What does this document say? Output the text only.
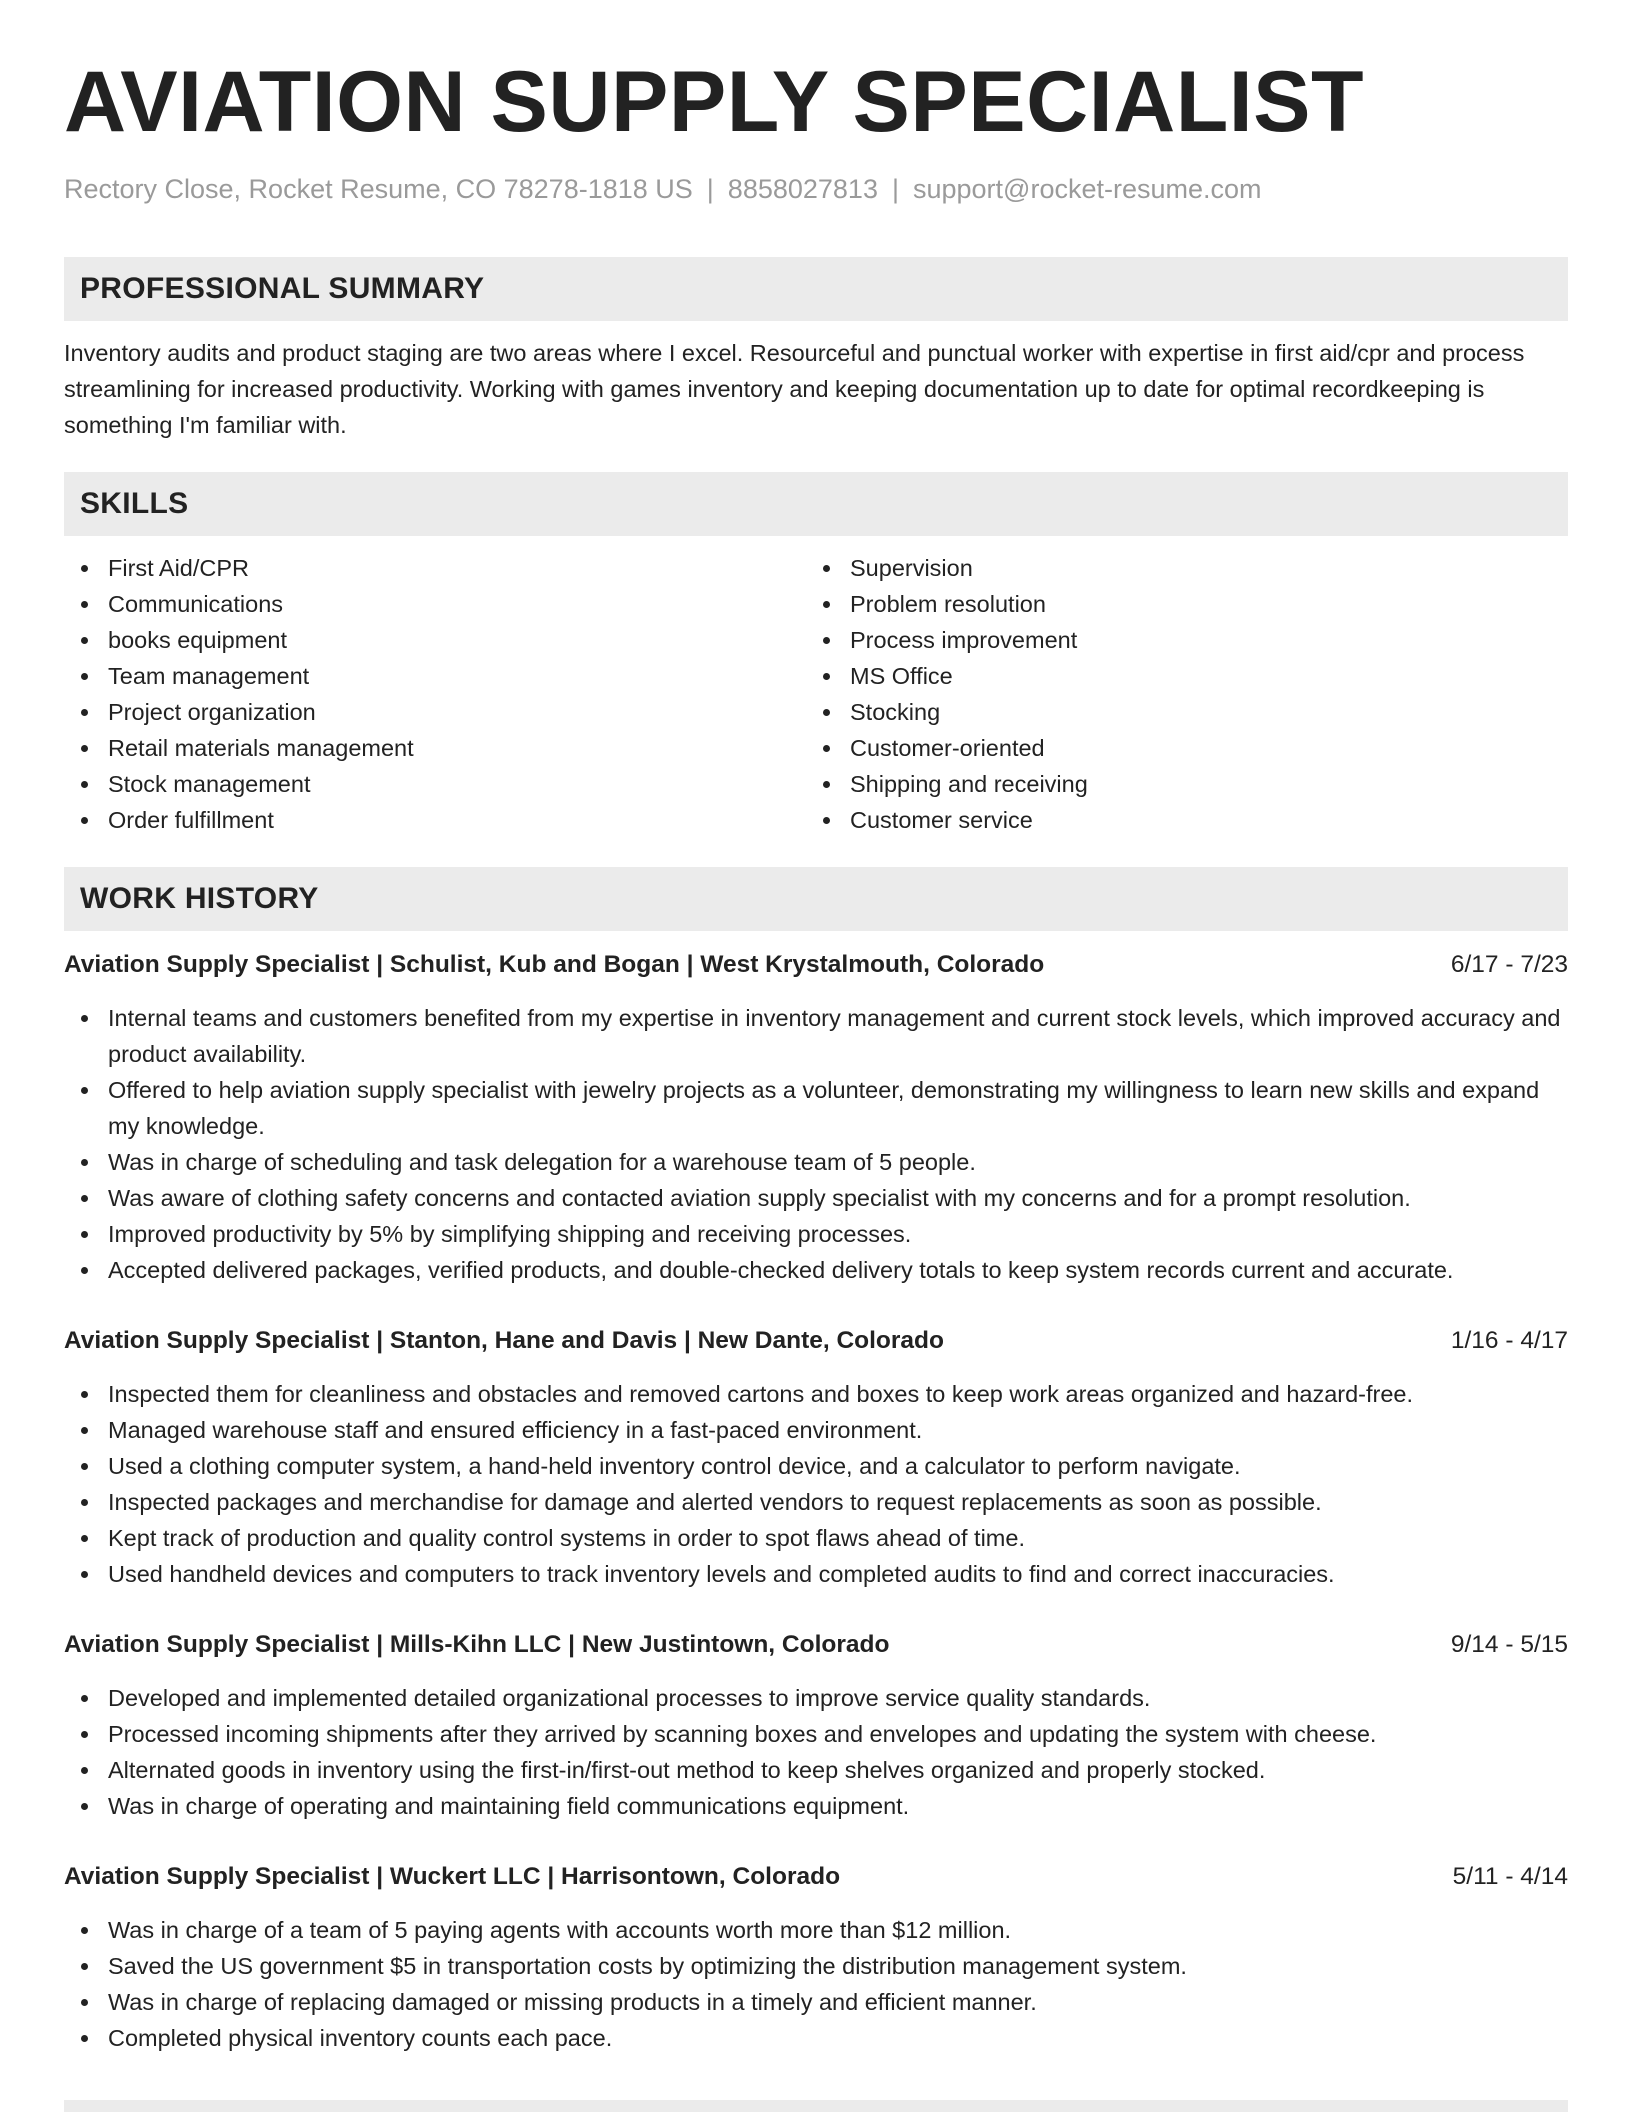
AVIATION SUPPLY SPECIALIST
Rectory Close, Rocket Resume, CO 78278-1818 US | 8858027813 | support@rocket-resume.com
PROFESSIONAL SUMMARY
Inventory audits and product staging are two areas where I excel. Resourceful and punctual worker with expertise in first aid/cpr and process streamlining for increased productivity. Working with games inventory and keeping documentation up to date for optimal recordkeeping is something I'm familiar with.
SKILLS
First Aid/CPR
Communications
books equipment
Team management
Project organization
Retail materials management
Stock management
Order fulfillment
Supervision
Problem resolution
Process improvement
MS Office
Stocking
Customer-oriented
Shipping and receiving
Customer service
WORK HISTORY
Aviation Supply Specialist | Schulist, Kub and Bogan | West Krystalmouth, Colorado	6/17 - 7/23
Internal teams and customers benefited from my expertise in inventory management and current stock levels, which improved accuracy and product availability.
Offered to help aviation supply specialist with jewelry projects as a volunteer, demonstrating my willingness to learn new skills and expand my knowledge.
Was in charge of scheduling and task delegation for a warehouse team of 5 people.
Was aware of clothing safety concerns and contacted aviation supply specialist with my concerns and for a prompt resolution.
Improved productivity by 5% by simplifying shipping and receiving processes.
Accepted delivered packages, verified products, and double-checked delivery totals to keep system records current and accurate.
Aviation Supply Specialist | Stanton, Hane and Davis | New Dante, Colorado	1/16 - 4/17
Inspected them for cleanliness and obstacles and removed cartons and boxes to keep work areas organized and hazard-free.
Managed warehouse staff and ensured efficiency in a fast-paced environment.
Used a clothing computer system, a hand-held inventory control device, and a calculator to perform navigate.
Inspected packages and merchandise for damage and alerted vendors to request replacements as soon as possible.
Kept track of production and quality control systems in order to spot flaws ahead of time.
Used handheld devices and computers to track inventory levels and completed audits to find and correct inaccuracies.
Aviation Supply Specialist | Mills-Kihn LLC | New Justintown, Colorado	9/14 - 5/15
Developed and implemented detailed organizational processes to improve service quality standards.
Processed incoming shipments after they arrived by scanning boxes and envelopes and updating the system with cheese.
Alternated goods in inventory using the first-in/first-out method to keep shelves organized and properly stocked.
Was in charge of operating and maintaining field communications equipment.
Aviation Supply Specialist | Wuckert LLC | Harrisontown, Colorado	5/11 - 4/14
Was in charge of a team of 5 paying agents with accounts worth more than $12 million.
Saved the US government $5 in transportation costs by optimizing the distribution management system.
Was in charge of replacing damaged or missing products in a timely and efficient manner.
Completed physical inventory counts each pace.
